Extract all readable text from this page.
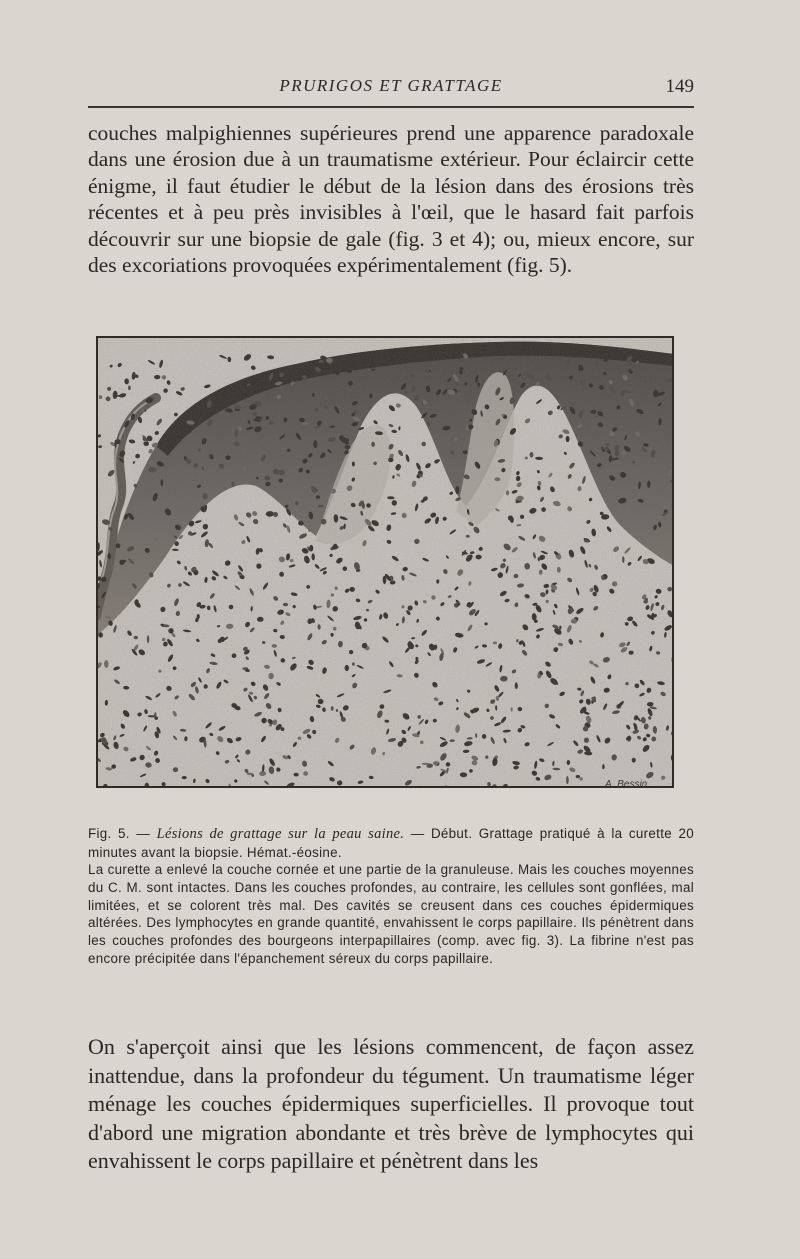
PRURIGOS ET GRATTAGE	149

couches malpighiennes supérieures prend une apparence paradoxale dans une érosion due à un traumatisme extérieur. Pour éclaircir cette énigme, il faut étudier le début de la lésion dans des érosions très récentes et à peu près invisibles à l'œil, que le hasard fait parfois découvrir sur une biopsie de gale (fig. 3 et 4); ou, mieux encore, sur des excoriations provoquées expérimentalement (fig. 5).

A. Bessin
Fig. 5. — Lésions de grattage sur la peau saine. — Début. Grattage pratiqué à la curette 20 minutes avant la biopsie. Hémat.-éosine.
La curette a enlevé la couche cornée et une partie de la granuleuse. Mais les couches moyennes du C. M. sont intactes. Dans les couches profondes, au contraire, les cellules sont gonflées, mal limitées, et se colorent très mal. Des cavités se creusent dans ces couches épidermiques altérées. Des lymphocytes en grande quantité, envahissent le corps papillaire. Ils pénètrent dans les couches profondes des bourgeons interpapillaires (comp. avec fig. 3). La fibrine n'est pas encore précipitée dans l'épanchement séreux du corps papillaire.

On s'aperçoit ainsi que les lésions commencent, de façon assez inattendue, dans la profondeur du tégument. Un traumatisme léger ménage les couches épidermiques superficielles. Il provoque tout d'abord une migration abondante et très brève de lymphocytes qui envahissent le corps papillaire et pénètrent dans les
